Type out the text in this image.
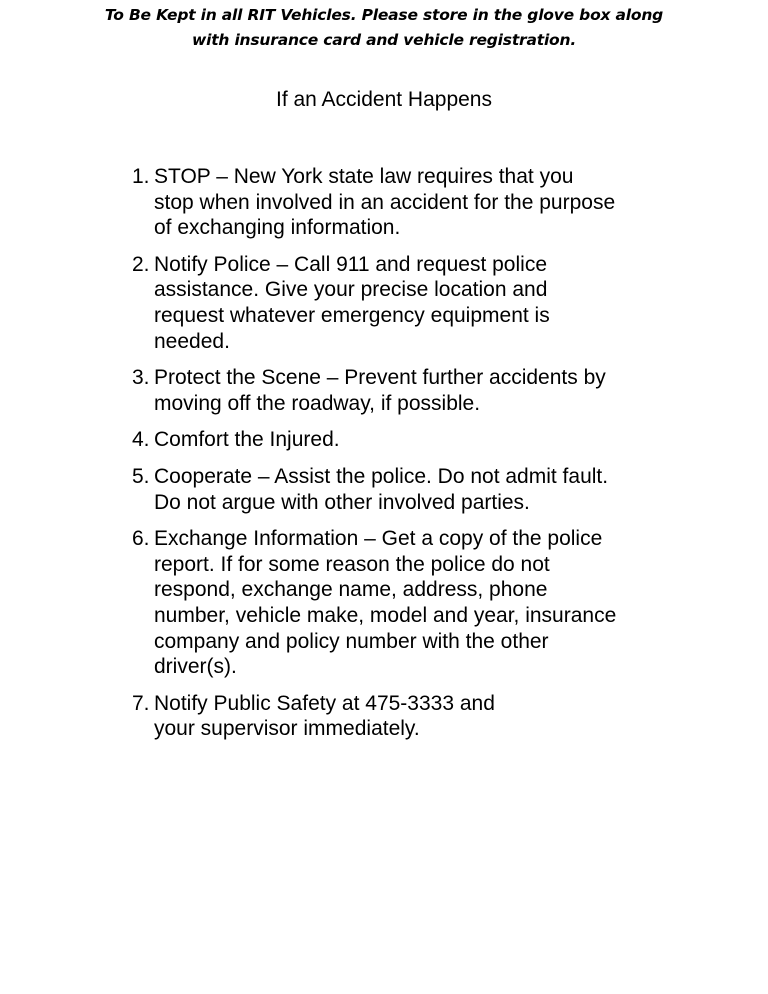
To Be Kept in all RIT Vehicles. Please store in the glove box along
with insurance card and vehicle registration.
If an Accident Happens
1. STOP – New York state law requires that you
stop when involved in an accident for the purpose
of exchanging information.
2. Notify Police – Call 911 and request police
assistance. Give your precise location and
request whatever emergency equipment is
needed.
3. Protect the Scene – Prevent further accidents by
moving off the roadway, if possible.
4. Comfort the Injured.
5. Cooperate – Assist the police. Do not admit fault.
Do not argue with other involved parties.
6. Exchange Information – Get a copy of the police
report. If for some reason the police do not
respond, exchange name, address, phone
number, vehicle make, model and year, insurance
company and policy number with the other
driver(s).
7. Notify Public Safety at 475-3333 and
your supervisor immediately.
